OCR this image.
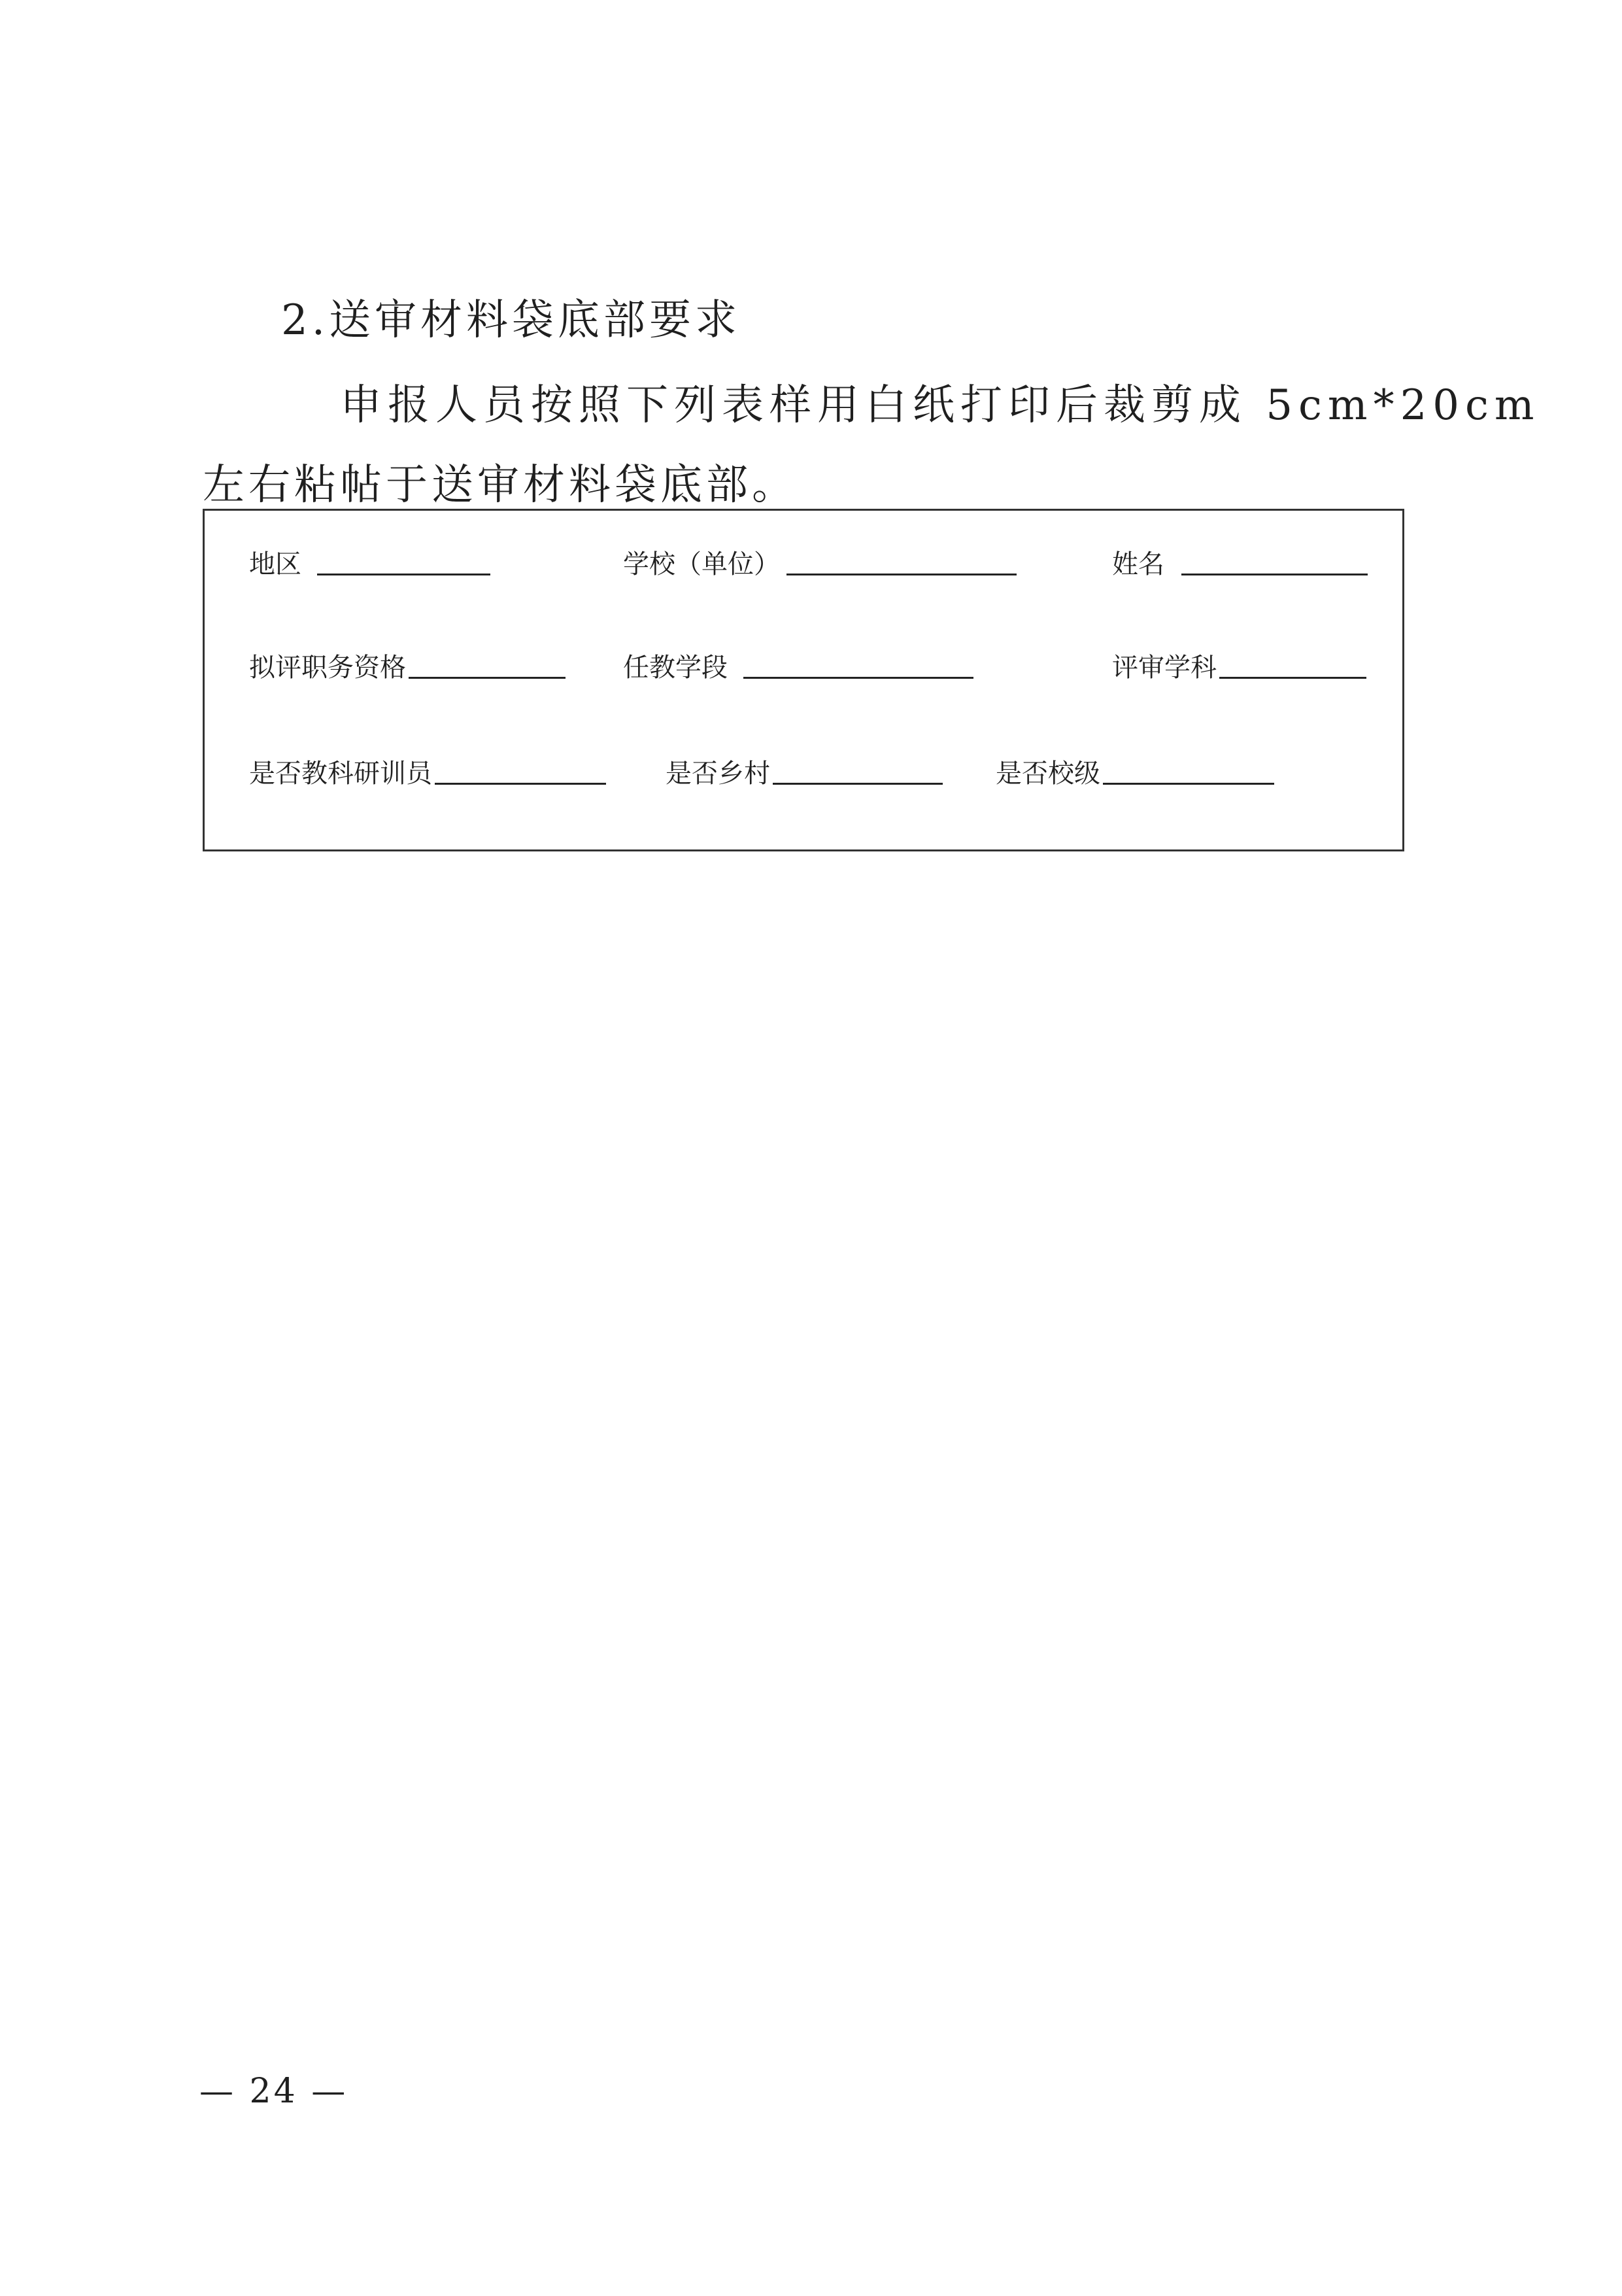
2.送审材料袋底部要求
申报人员按照下列表样用白纸打印后裁剪成 5cm*20cm
左右粘帖于送审材料袋底部。
地区	学校（单位）	姓名
拟评职务资格	任教学段	评审学科
是否教科研训员	是否乡村	是否校级
— 24 —
